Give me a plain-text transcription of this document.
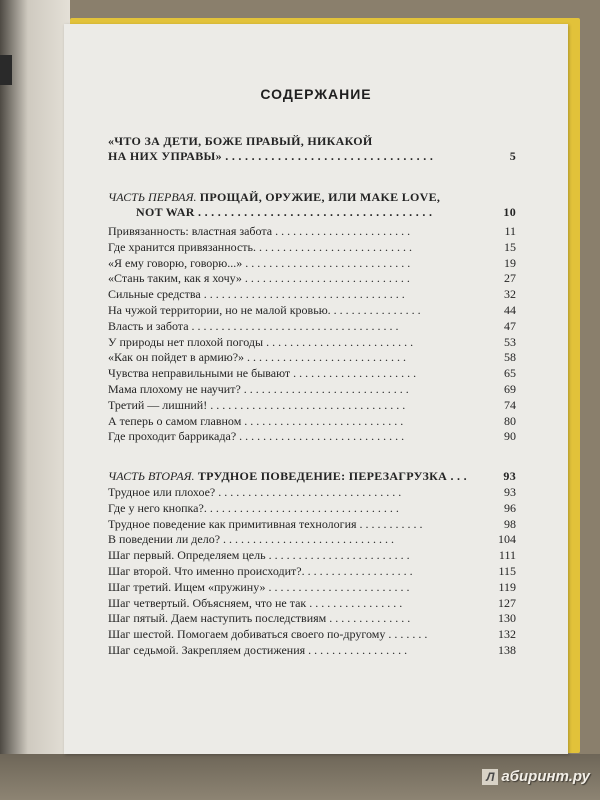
СОДЕРЖАНИЕ
«ЧТО ЗА ДЕТИ, БОЖЕ ПРАВЫЙ, НИКАКОЙ
НА НИХ УПРАВЫ» . . . . . . . . . . . . . . . . . . . . . . . . . . . . . . . .	5
ЧАСТЬ ПЕРВАЯ. ПРОЩАЙ, ОРУЖИЕ, ИЛИ MAKE LOVE,
NOT WAR . . . . . . . . . . . . . . . . . . . . . . . . . . . . . . . . . . . .	10
Привязанность: властная забота . . . . . . . . . . . . . . . . . . . . . . .	11
Где хранится привязанность. . . . . . . . . . . . . . . . . . . . . . . . . . .	15
«Я ему говорю, говорю...» . . . . . . . . . . . . . . . . . . . . . . . . . . . .	19
«Стань таким, как я хочу» . . . . . . . . . . . . . . . . . . . . . . . . . . . .	27
Сильные средства . . . . . . . . . . . . . . . . . . . . . . . . . . . . . . . . . .	32
На чужой территории, но не малой кровью. . . . . . . . . . . . . . . .	44
Власть и забота . . . . . . . . . . . . . . . . . . . . . . . . . . . . . . . . . . .	47
У природы нет плохой погоды . . . . . . . . . . . . . . . . . . . . . . . . .	53
«Как он пойдет в армию?» . . . . . . . . . . . . . . . . . . . . . . . . . . .	58
Чувства неправильными не бывают . . . . . . . . . . . . . . . . . . . . .	65
Мама плохому не научит? . . . . . . . . . . . . . . . . . . . . . . . . . . . .	69
Третий — лишний! . . . . . . . . . . . . . . . . . . . . . . . . . . . . . . . . .	74
А теперь о самом главном . . . . . . . . . . . . . . . . . . . . . . . . . . .	80
Где проходит баррикада? . . . . . . . . . . . . . . . . . . . . . . . . . . . .	90
ЧАСТЬ ВТОРАЯ. ТРУДНОЕ ПОВЕДЕНИЕ: ПЕРЕЗАГРУЗКА . . .	93
Трудное или плохое? . . . . . . . . . . . . . . . . . . . . . . . . . . . . . . .	93
Где у него кнопка?. . . . . . . . . . . . . . . . . . . . . . . . . . . . . . . . .	96
Трудное поведение как примитивная технология . . . . . . . . . . .	98
В поведении ли дело? . . . . . . . . . . . . . . . . . . . . . . . . . . . . .	104
Шаг первый. Определяем цель . . . . . . . . . . . . . . . . . . . . . . . .	111
Шаг второй. Что именно происходит?. . . . . . . . . . . . . . . . . . .	115
Шаг третий. Ищем «пружину» . . . . . . . . . . . . . . . . . . . . . . . .	119
Шаг четвертый. Объясняем, что не так . . . . . . . . . . . . . . . .	127
Шаг пятый. Даем наступить последствиям . . . . . . . . . . . . . .	130
Шаг шестой. Помогаем добиваться своего по-другому . . . . . . .	132
Шаг седьмой. Закрепляем достижения . . . . . . . . . . . . . . . . .	138
Л абиринт.ру
